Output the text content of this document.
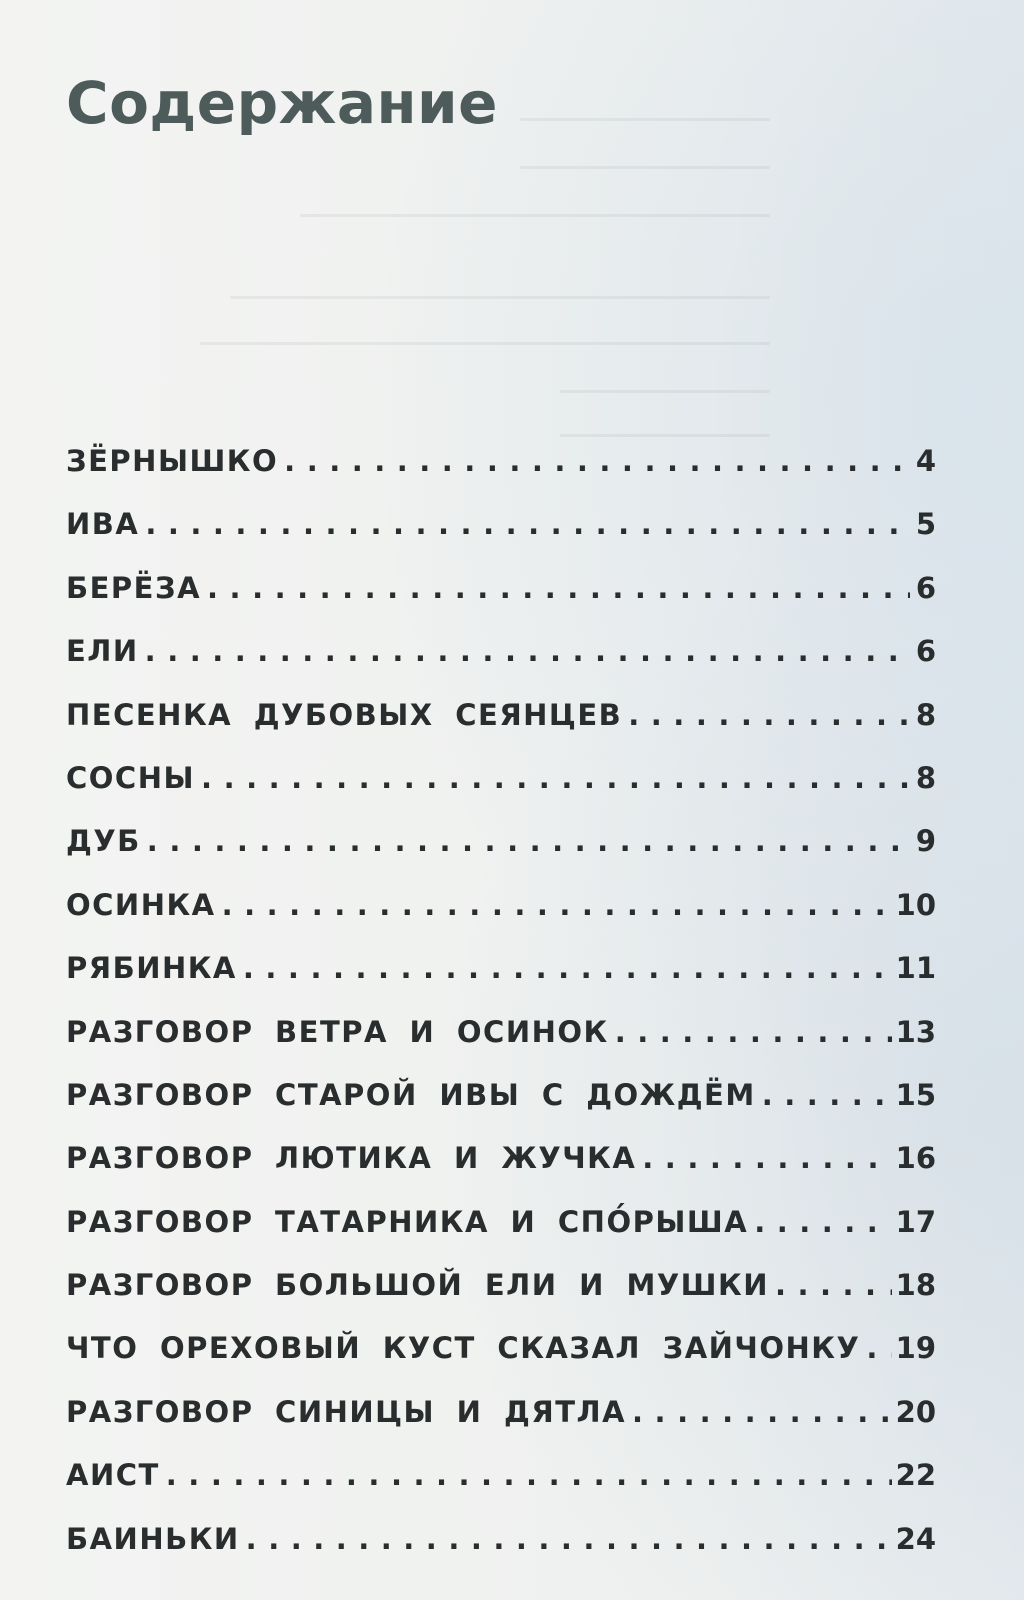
Содержание
ЗЁРНЫШКО .....	4
ИВА .....	5
БЕРЁЗА .....	6
ЕЛИ .....	6
ПЕСЕНКА ДУБОВЫХ СЕЯНЦЕВ .....	8
СОСНЫ .....	8
ДУБ .....	9
ОСИНКА .....	10
РЯБИНКА .....	11
РАЗГОВОР ВЕТРА И ОСИНОК .....	13
РАЗГОВОР СТАРОЙ ИВЫ С ДОЖДЁМ .....	15
РАЗГОВОР ЛЮТИКА И ЖУЧКА .....	16
РАЗГОВОР ТАТАРНИКА И СПО́РЫША .....	17
РАЗГОВОР БОЛЬШОЙ ЕЛИ И МУШКИ .....	18
ЧТО ОРЕХОВЫЙ КУСТ СКАЗАЛ ЗАЙЧОНКУ ..... 19
РАЗГОВОР СИНИЦЫ И ДЯТЛА .....	20
АИСТ .....	22
БАИНЬКИ .....	24
